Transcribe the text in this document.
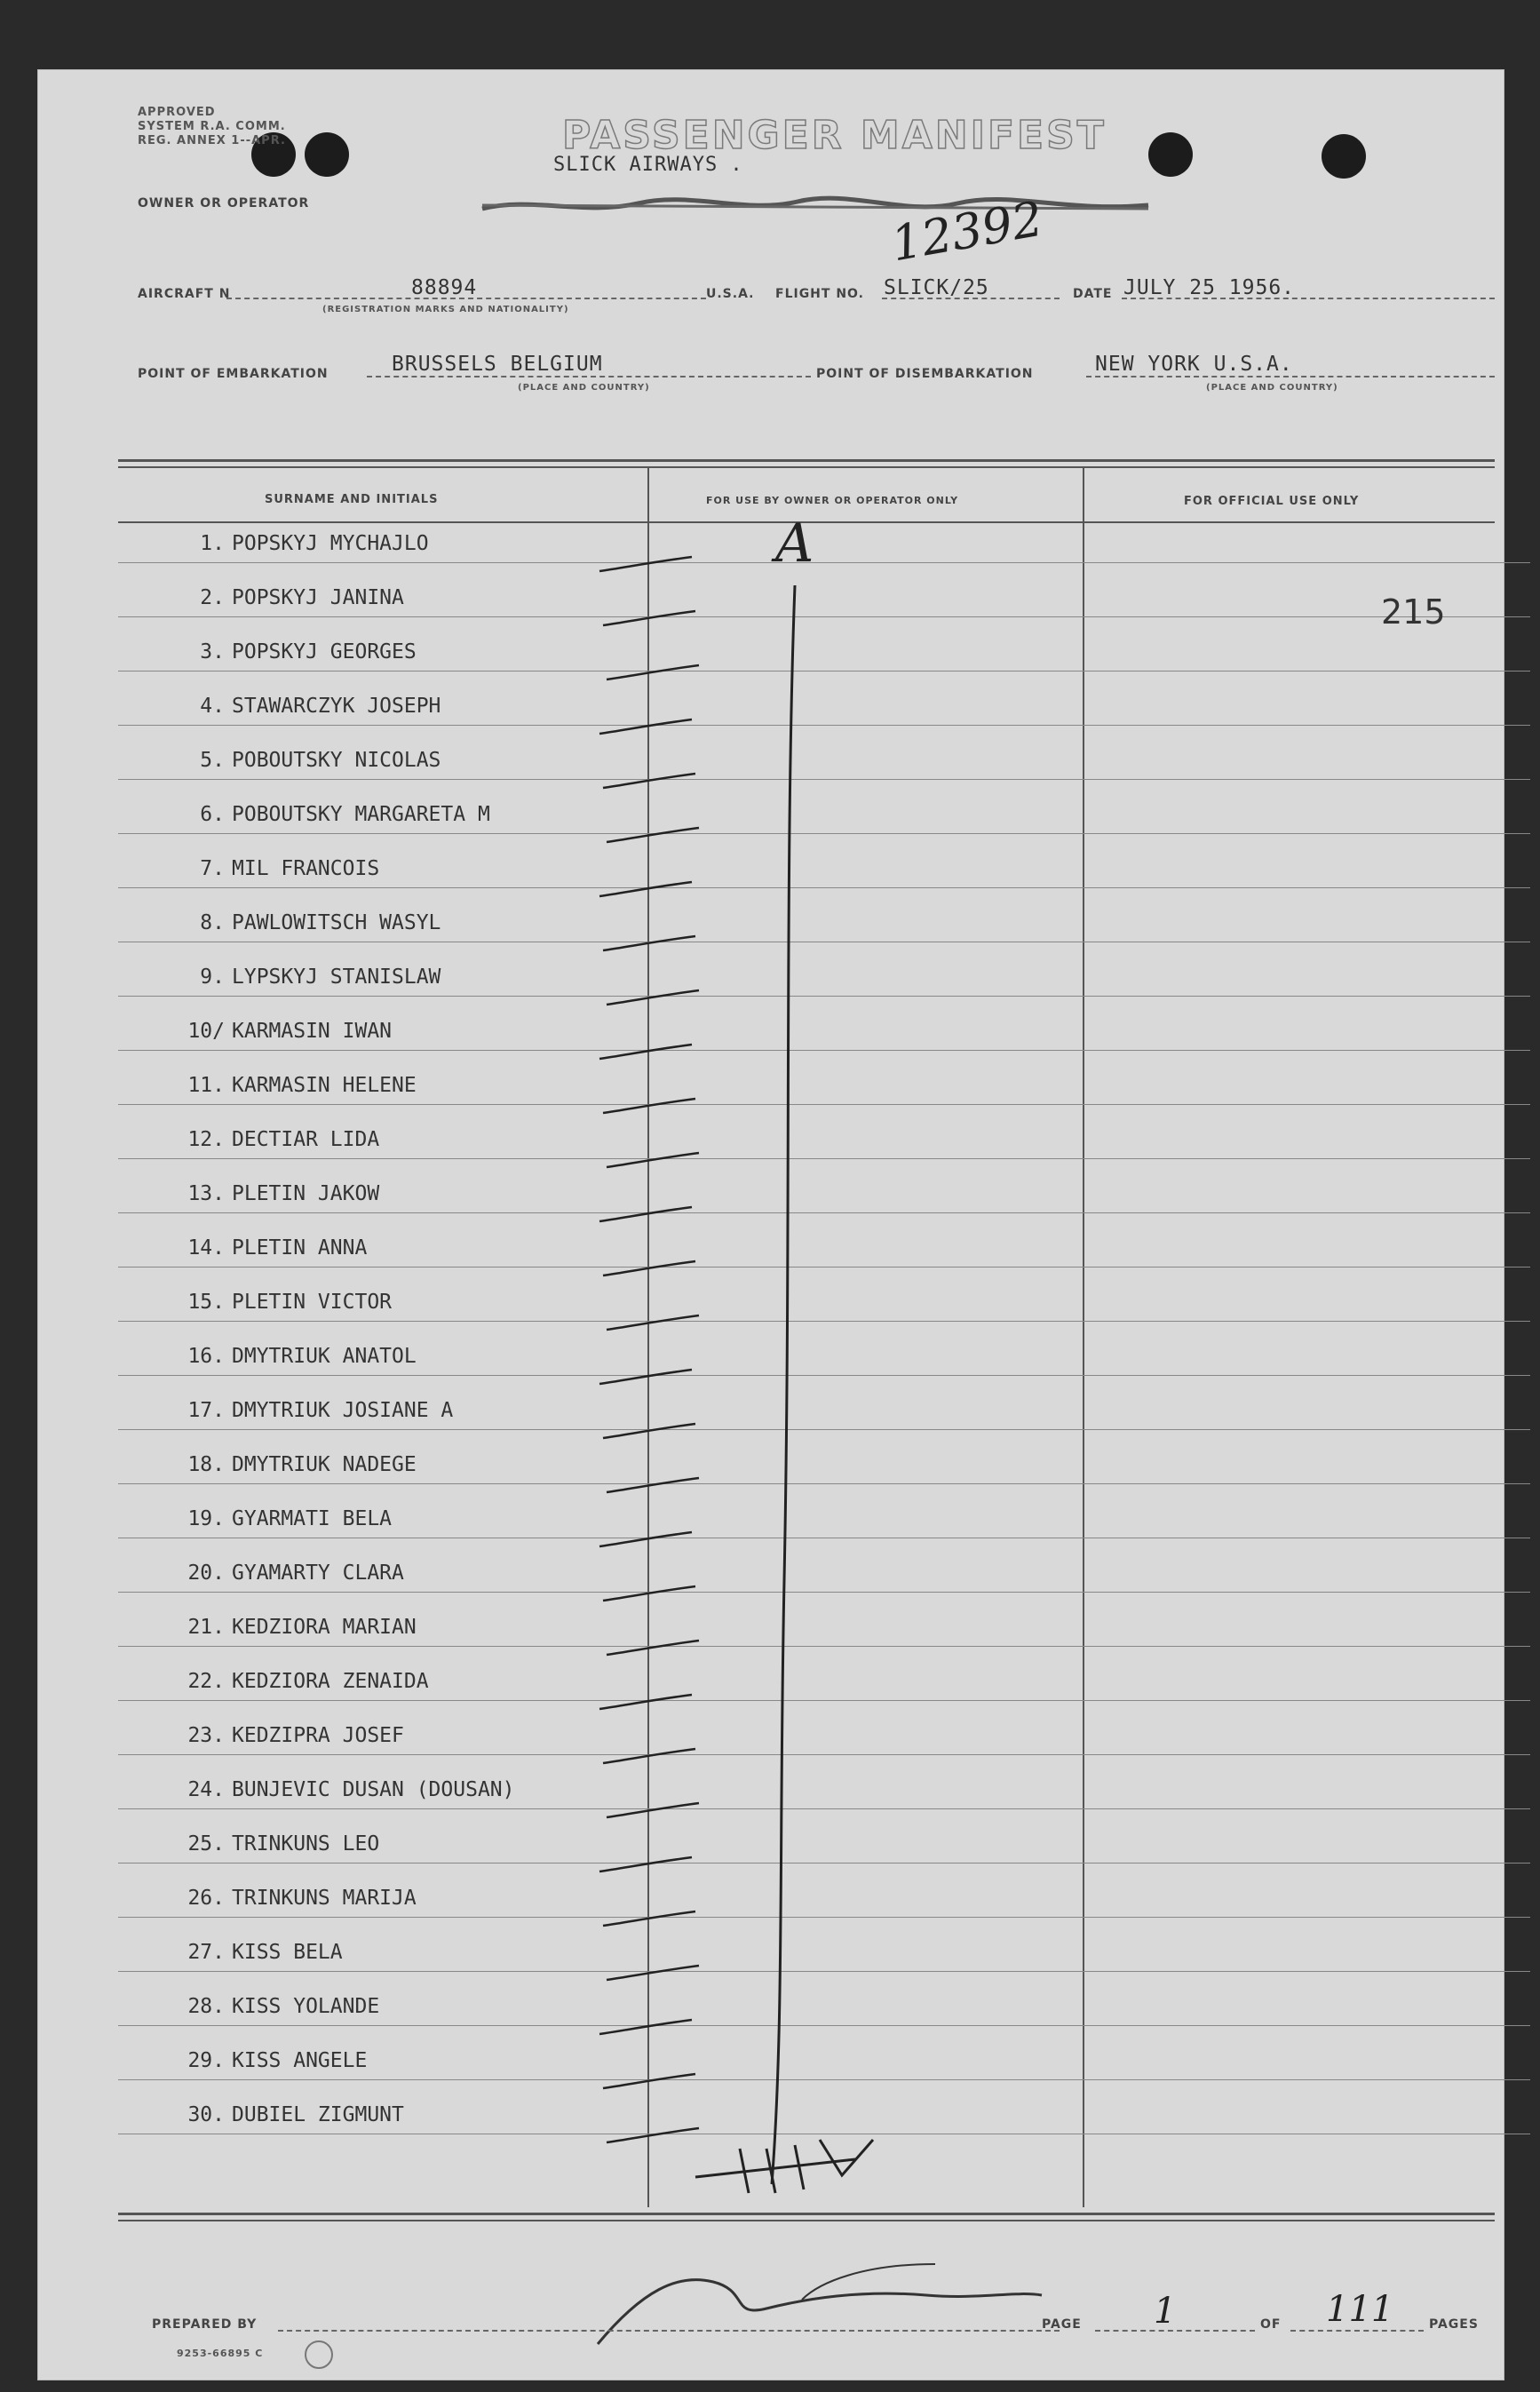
APPROVED
SYSTEM R.A. COMM.
REG. ANNEX 1--APR.	PASSENGER MANIFEST
SLICK AIRWAYS .
OWNER OR OPERATOR	12392
AIRCRAFT N	88894
(REGISTRATION MARKS AND NATIONALITY)
U.S.A. FLIGHT NO. SLICK/25	DATE JULY 25 1956.
POINT OF EMBARKATION	BRUSSELS BELGIUM
(PLACE AND COUNTRY)
POINT OF DISEMBARKATION	NEW YORK U.S.A.
(PLACE AND COUNTRY)
SURNAME AND INITIALS	FOR USE BY OWNER OR OPERATOR ONLY	FOR OFFICIAL USE ONLY
1. POPSKYJ MYCHAJLO
2. POPSKYJ JANINA
3. POPSKYJ GEORGES
4. STAWARCZYK JOSEPH
5. POBOUTSKY NICOLAS
6. POBOUTSKY MARGARETA M
7. MIL FRANCOIS
8. PAWLOWITSCH WASYL
9. LYPSKYJ STANISLAW
10/ KARMASIN IWAN
11. KARMASIN HELENE
12. DECTIAR LIDA
13. PLETIN JAKOW
14. PLETIN ANNA
15. PLETIN VICTOR
16. DMYTRIUK ANATOL
17. DMYTRIUK JOSIANE A
18. DMYTRIUK NADEGE
19. GYARMATI BELA
20. GYAMARTY CLARA
21. KEDZIORA MARIAN
22. KEDZIORA ZENAIDA
23. KEDZIPRA JOSEF
24. BUNJEVIC DUSAN (DOUSAN)
25. TRINKUNS LEO
26. TRINKUNS MARIJA
27. KISS BELA
28. KISS YOLANDE
29. KISS ANGELE
30. DUBIEL ZIGMUNT
A
215
PREPARED BY	PAGE 1	OF 111	PAGES
9253-66895 C
